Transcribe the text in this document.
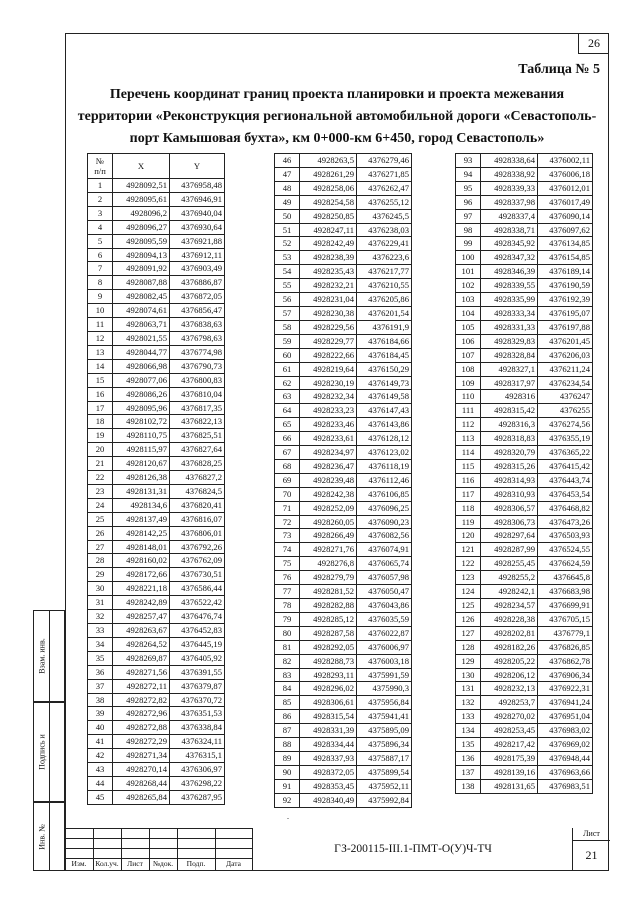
26
Таблица № 5
Перечень координат границ проекта планировки и проекта межевания
территории «Реконструкция региональной автомобильной дороги «Севастополь-
порт Камышовая бухта», км 0+000-км 6+450, город Севастополь»
№
п/п	X	Y
1	4928092,51	4376958,48
2	4928095,61	4376946,91
3	4928096,2	4376940,04
4	4928096,27	4376930,64
5	4928095,59	4376921,88
6	4928094,13	4376912,11
7	4928091,92	4376903,49
8	4928087,88	4376886,87
9	4928082,45	4376872,05
10	4928074,61	4376856,47
11	4928063,71	4376838,63
12	4928021,55	4376798,63
13	4928044,77	4376774,98
14	4928066,98	4376790,73
15	4928077,06	4376800,83
16	4928086,26	4376810,04
17	4928095,96	4376817,35
18	4928102,72	4376822,13
19	4928110,75	4376825,51
20	4928115,97	4376827,64
21	4928120,67	4376828,25
22	4928126,38	4376827,2
23	4928131,31	4376824,5
24	4928134,6	4376820,41
25	4928137,49	4376816,07
26	4928142,25	4376806,01
27	4928148,01	4376792,26
28	4928160,02	4376762,09
29	4928172,66	4376730,51
30	4928221,18	4376586,44
31	4928242,89	4376522,42
32	4928257,47	4376476,74
33	4928263,67	4376452,83
34	4928264,52	4376445,19
35	4928269,87	4376405,92
36	4928271,56	4376391,55
37	4928272,11	4376379,87
38	4928272,82	4376370,72
39	4928272,96	4376351,53
40	4928272,88	4376338,84
41	4928272,29	4376324,11
42	4928271,34	4376315,1
43	4928270,14	4376306,97
44	4928268,44	4376298,22
45	4928265,84	4376287,95
46	4928263,5	4376279,46
47	4928261,29	4376271,85
48	4928258,06	4376262,47
49	4928254,58	4376255,12
50	4928250,85	4376245,5
51	4928247,11	4376238,03
52	4928242,49	4376229,41
53	4928238,39	4376223,6
54	4928235,43	4376217,77
55	4928232,21	4376210,55
56	4928231,04	4376205,86
57	4928230,38	4376201,54
58	4928229,56	4376191,9
59	4928229,77	4376184,66
60	4928222,66	4376184,45
61	4928219,64	4376150,29
62	4928230,19	4376149,73
63	4928232,34	4376149,58
64	4928233,23	4376147,43
65	4928233,46	4376143,86
66	4928233,61	4376128,12
67	4928234,97	4376123,02
68	4928236,47	4376118,19
69	4928239,48	4376112,46
70	4928242,38	4376106,85
71	4928252,09	4376096,25
72	4928260,05	4376090,23
73	4928266,49	4376082,56
74	4928271,76	4376074,91
75	4928276,8	4376065,74
76	4928279,79	4376057,98
77	4928281,52	4376050,47
78	4928282,88	4376043,86
79	4928285,12	4376035,59
80	4928287,58	4376022,87
81	4928292,05	4376006,97
82	4928288,73	4376003,18
83	4928293,11	4375991,59
84	4928296,02	4375990,3
85	4928306,61	4375956,84
86	4928315,54	4375941,41
87	4928331,39	4375895,09
88	4928334,44	4375896,34
89	4928337,93	4375887,17
90	4928372,05	4375899,54
91	4928353,45	4375952,11
92	4928340,49	4375992,84
93	4928338,64	4376002,11
94	4928338,92	4376006,18
95	4928339,33	4376012,01
96	4928337,98	4376017,49
97	4928337,4	4376090,14
98	4928338,71	4376097,62
99	4928345,92	4376134,85
100	4928347,32	4376154,85
101	4928346,39	4376189,14
102	4928339,55	4376190,59
103	4928335,99	4376192,39
104	4928333,34	4376195,07
105	4928331,33	4376197,88
106	4928329,83	4376201,45
107	4928328,84	4376206,03
108	4928327,1	4376211,24
109	4928317,97	4376234,54
110	4928316	4376247
111	4928315,42	4376255
112	4928316,3	4376274,56
113	4928318,83	4376355,19
114	4928320,79	4376365,22
115	4928315,26	4376415,42
116	4928314,93	4376443,74
117	4928310,93	4376453,54
118	4928306,57	4376468,82
119	4928306,73	4376473,26
120	4928297,64	4376503,93
121	4928287,99	4376524,55
122	4928255,45	4376624,59
123	4928255,2	4376645,8
124	4928242,1	4376683,98
125	4928234,57	4376699,91
126	4928228,38	4376705,15
127	4928202,81	4376779,1
128	4928182,26	4376826,85
129	4928205,22	4376862,78
130	4928206,12	4376906,34
131	4928232,13	4376922,31
132	4928253,7	4376941,24
133	4928270,02	4376951,04
134	4928253,45	4376983,02
135	4928217,42	4376969,02
136	4928175,39	4376948,44
137	4928139,16	4376963,66
138	4928131,65	4376983,51
.
Взам. инв.
Подпись и
Инв. №
Изм.	Кол.уч.	Лист	№док.	Подп.	Дата
ГЗ-200115-III.1-ПМТ-О(У)Ч-ТЧ
Лист
21
